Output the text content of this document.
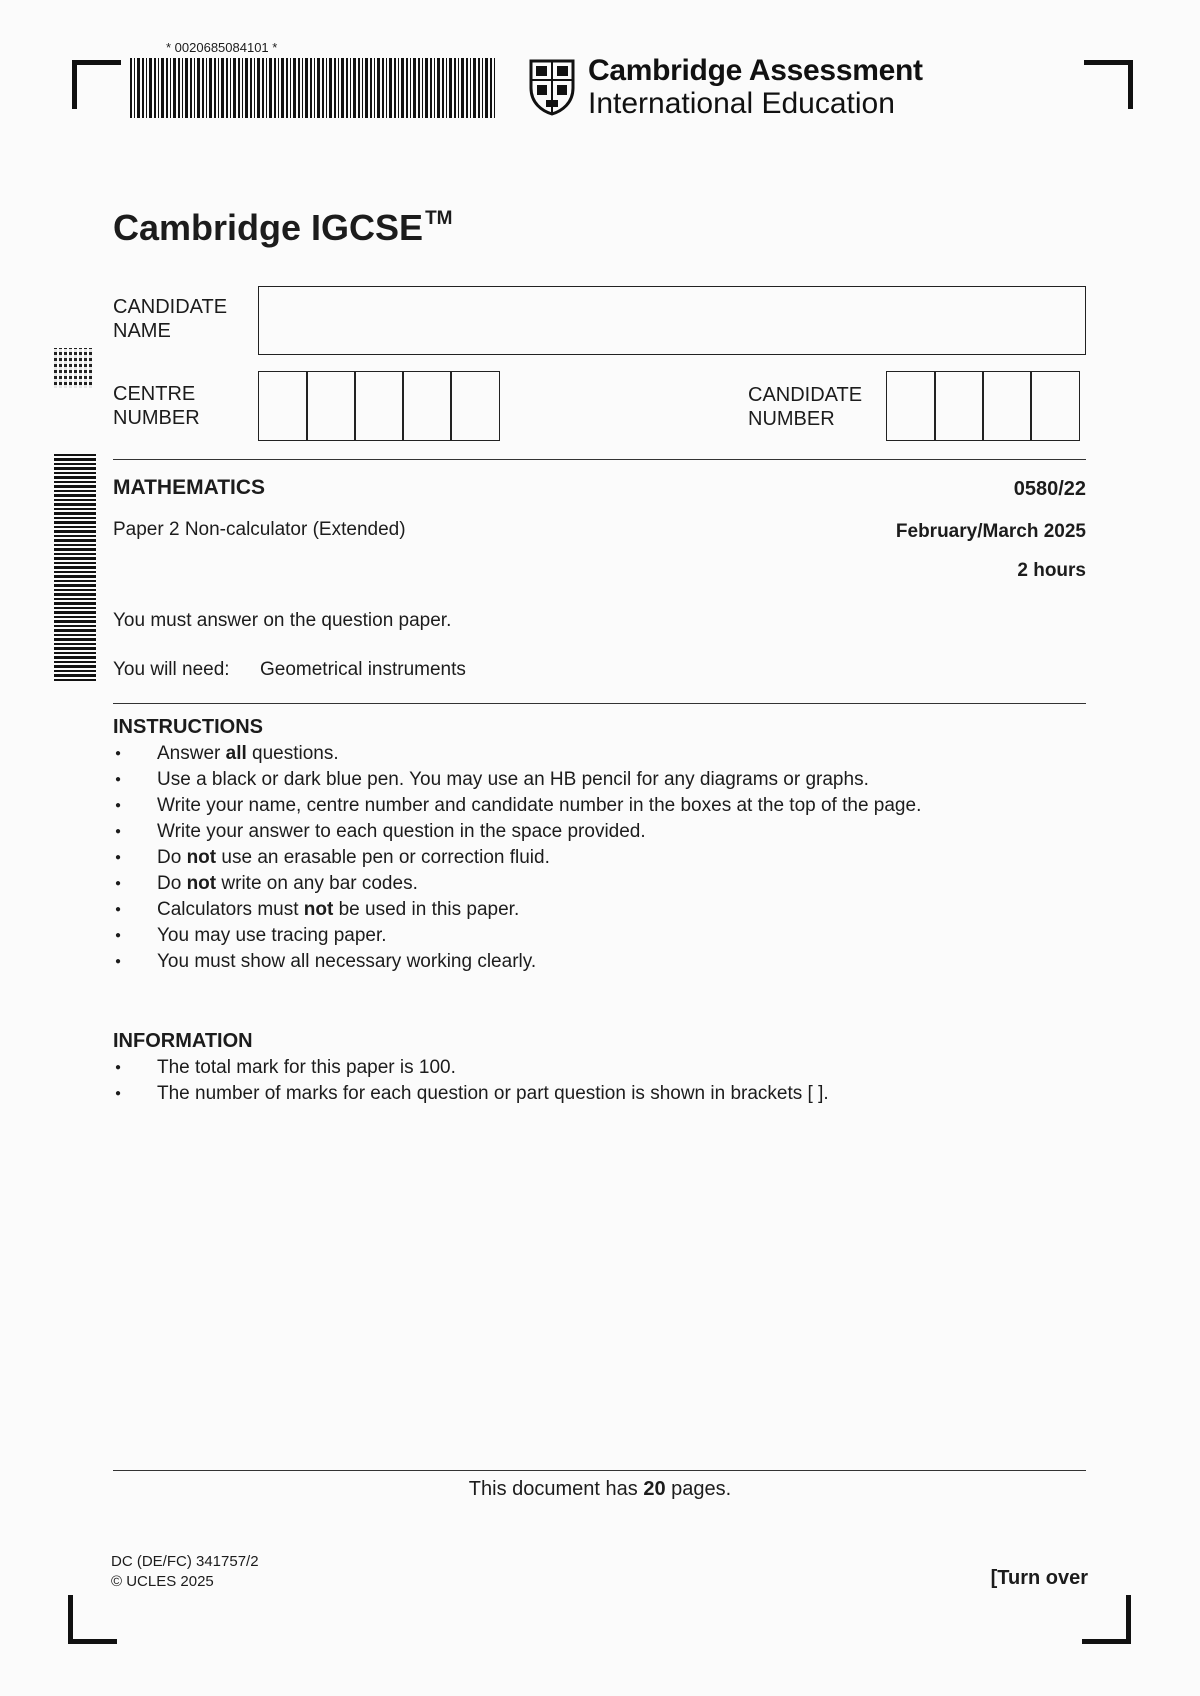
* 0020685084101 *
Cambridge Assessment
International Education
Cambridge IGCSE ™
CANDIDATE
NAME
CENTRE
NUMBER
CANDIDATE
NUMBER
MATHEMATICS	0580/22
Paper 2 Non-calculator (Extended)	February/March 2025
2 hours
You must answer on the question paper.
You will need: Geometrical instruments
INSTRUCTIONS
● Answer all questions.
● Use a black or dark blue pen. You may use an HB pencil for any diagrams or graphs.
● Write your name, centre number and candidate number in the boxes at the top of the page.
● Write your answer to each question in the space provided.
● Do not use an erasable pen or correction fluid.
● Do not write on any bar codes.
● Calculators must not be used in this paper.
● You may use tracing paper.
● You must show all necessary working clearly.
INFORMATION
● The total mark for this paper is 100.
● The number of marks for each question or part question is shown in brackets [ ].
This document has 20 pages.
DC (DE/FC) 341757/2
© UCLES 2025	[Turn over
